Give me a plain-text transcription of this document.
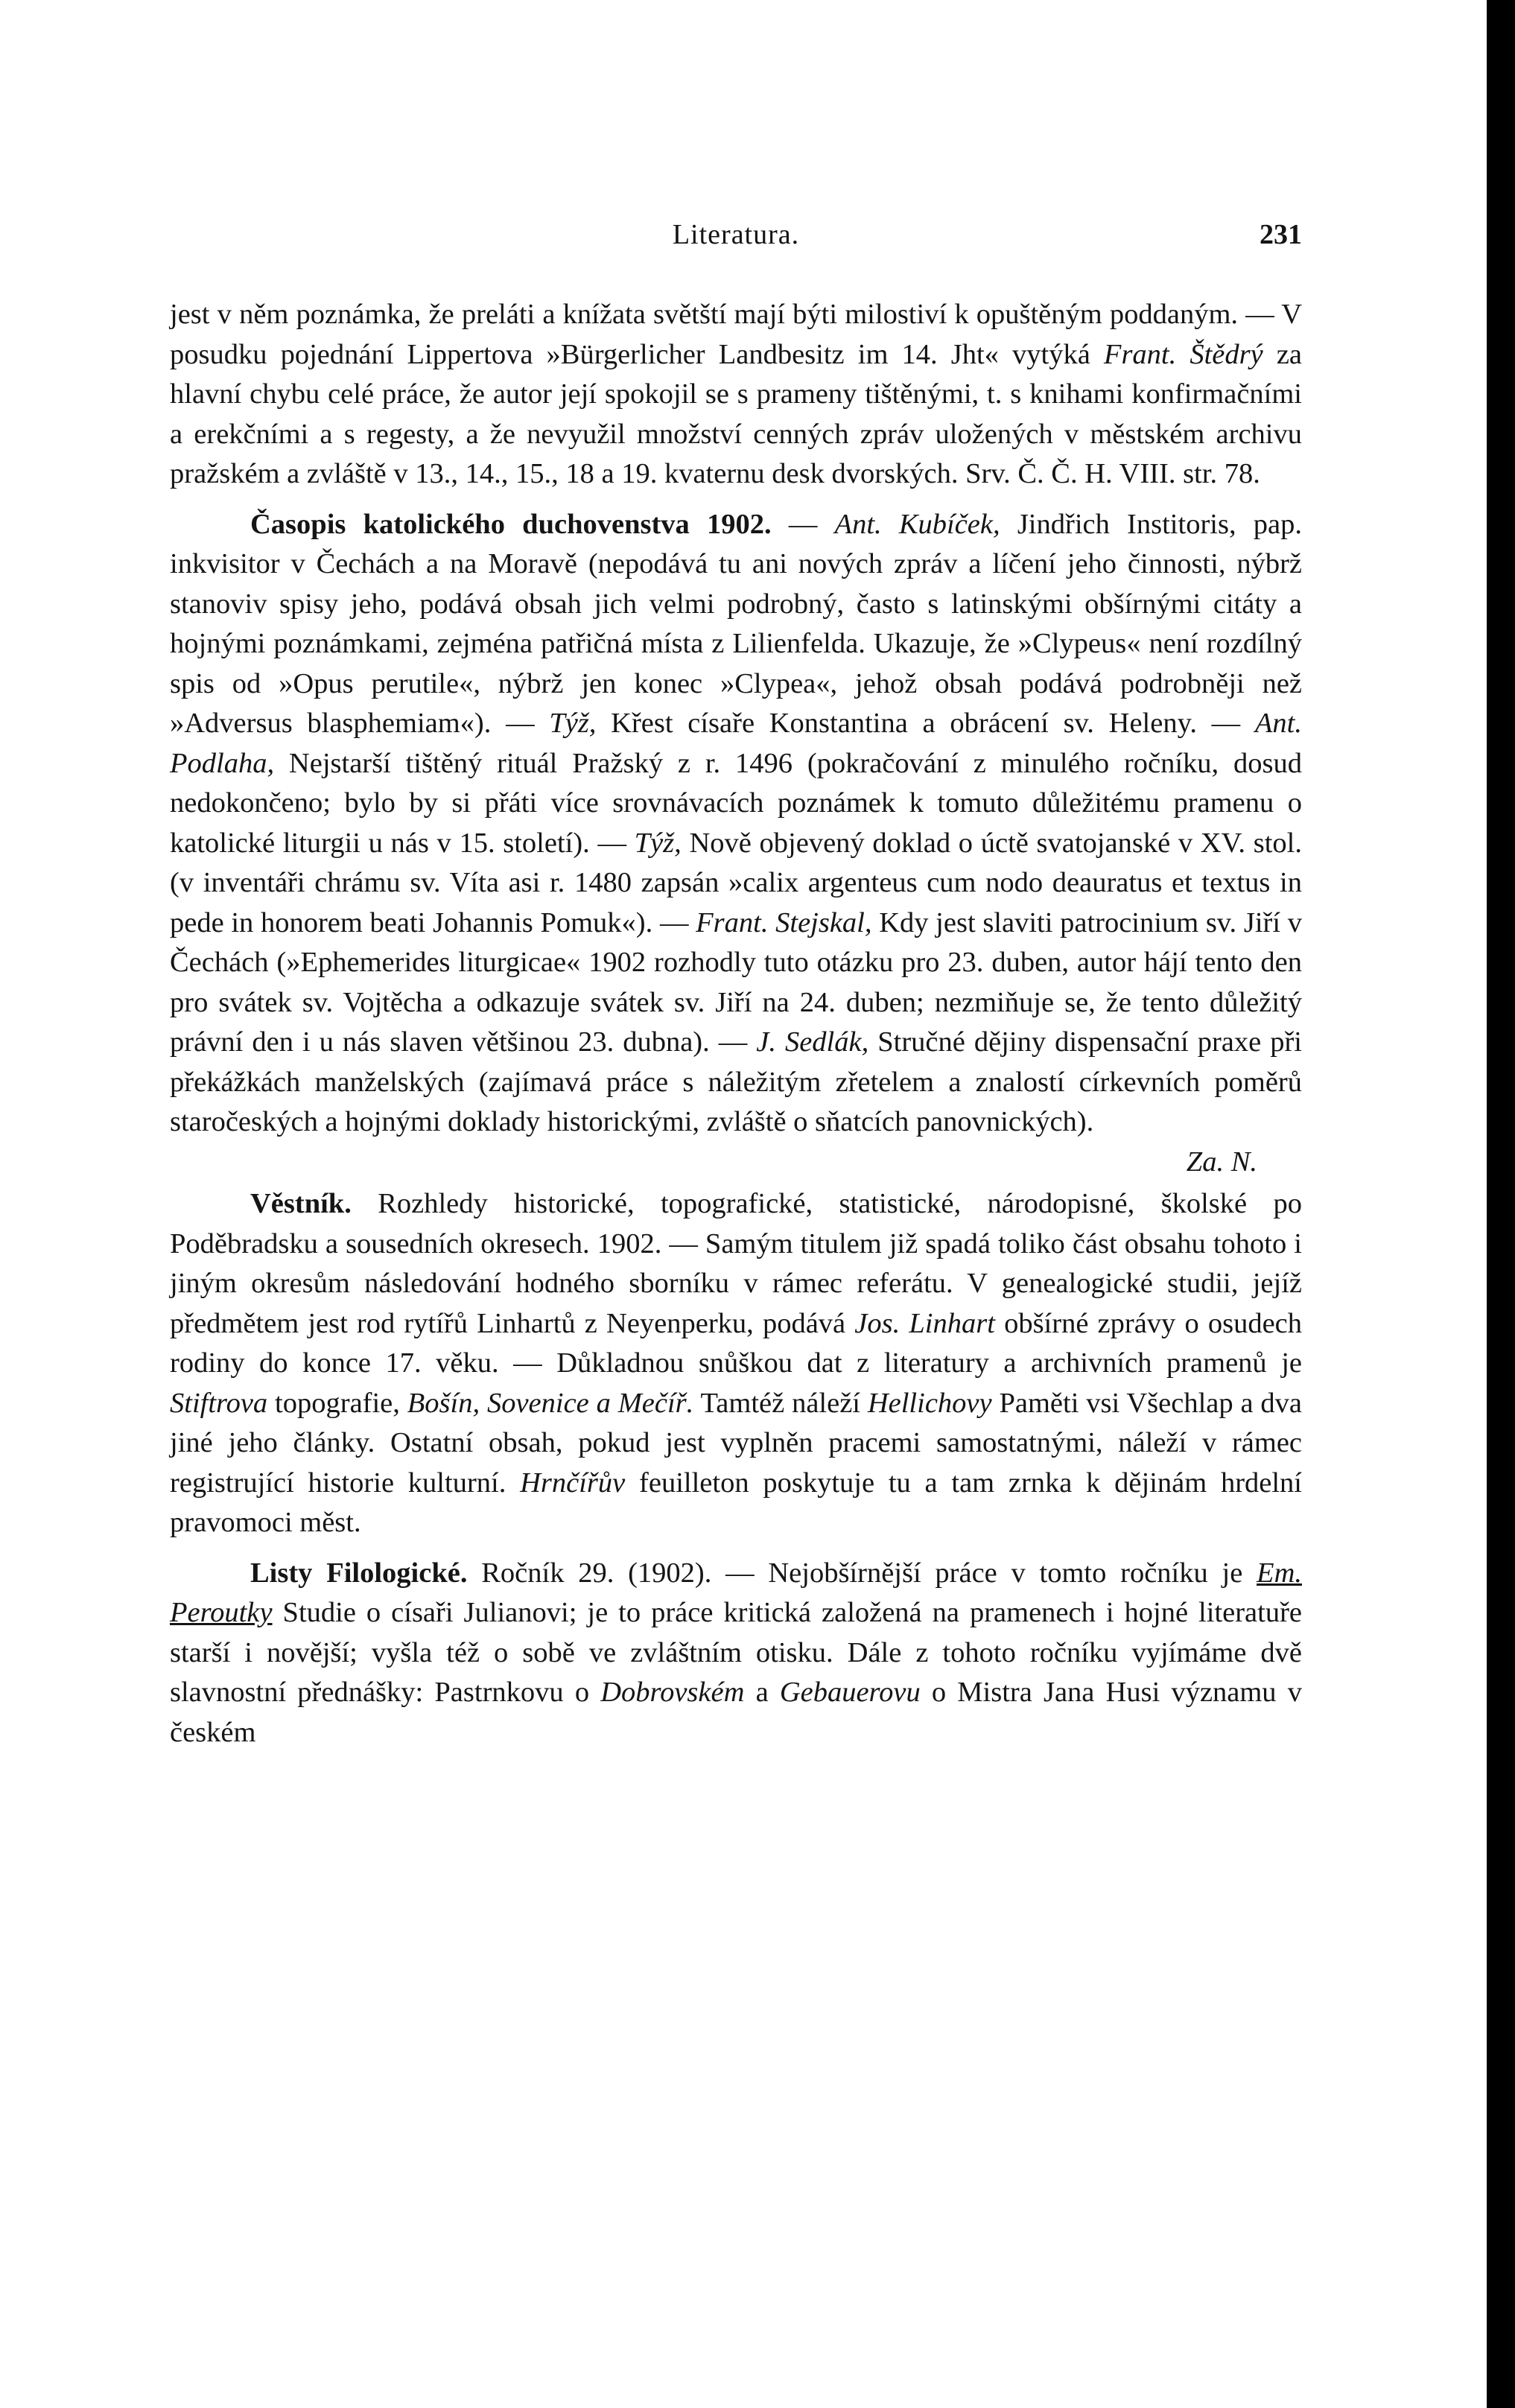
Literatura.	231

jest v něm poznámka, že preláti a knížata světští mají býti milostiví k opuštěným poddaným. — V posudku pojednání Lippertova »Bürgerlicher Landbesitz im 14. Jht« vytýká Frant. Štědrý za hlavní chybu celé práce, že autor její spokojil se s prameny tištěnými, t. s knihami konfirmačními a erekčními a s regesty, a že nevyužil množství cenných zpráv uložených v městském archivu pražském a zvláště v 13., 14., 15., 18 a 19. kvaternu desk dvorských. Srv. Č. Č. H. VIII. str. 78.

Časopis katolického duchovenstva 1902. — Ant. Kubíček, Jindřich Institoris, pap. inkvisitor v Čechách a na Moravě (nepodává tu ani nových zpráv a líčení jeho činnosti, nýbrž stanoviv spisy jeho, podává obsah jich velmi podrobný, často s latinskými obšírnými citáty a hojnými poznámkami, zejména patřičná místa z Lilienfelda. Ukazuje, že »Clypeus« není rozdílný spis od »Opus perutile«, nýbrž jen konec »Clypea«, jehož obsah podává podrobněji než »Adversus blasphemiam«). — Týž, Křest císaře Konstantina a obrácení sv. Heleny. — Ant. Podlaha, Nejstarší tištěný rituál Pražský z r. 1496 (pokračování z minulého ročníku, dosud nedokončeno; bylo by si přáti více srovnávacích poznámek k tomuto důležitému pramenu o katolické liturgii u nás v 15. století). — Týž, Nově objevený doklad o úctě svatojanské v XV. stol. (v inventáři chrámu sv. Víta asi r. 1480 zapsán »calix argenteus cum nodo deauratus et textus in pede in honorem beati Johannis Pomuk«). — Frant. Stejskal, Kdy jest slaviti patrocinium sv. Jiří v Čechách (»Ephemerides liturgicae« 1902 rozhodly tuto otázku pro 23. duben, autor hájí tento den pro svátek sv. Vojtěcha a odkazuje svátek sv. Jiří na 24. duben; nezmiňuje se, že tento důležitý právní den i u nás slaven většinou 23. dubna). — J. Sedlák, Stručné dějiny dispensační praxe při překážkách manželských (zajímavá práce s náležitým zřetelem a znalostí církevních poměrů staročeských a hojnými doklady historickými, zvláště o sňatcích panovnických).

Za. N.

Věstník. Rozhledy historické, topografické, statistické, národopisné, školské po Poděbradsku a sousedních okresech. 1902. — Samým titulem již spadá toliko část obsahu tohoto i jiným okresům následování hodného sborníku v rámec referátu. V genealogické studii, jejíž předmětem jest rod rytířů Linhartů z Neyenperku, podává Jos. Linhart obšírné zprávy o osudech rodiny do konce 17. věku. — Důkladnou snůškou dat z literatury a archivních pramenů je Stiftrova topografie, Bošín, Sovenice a Mečíř. Tamtéž náleží Hellichovy Paměti vsi Všechlap a dva jiné jeho články. Ostatní obsah, pokud jest vyplněn pracemi samostatnými, náleží v rámec registrující historie kulturní. Hrnčířův feuilleton poskytuje tu a tam zrnka k dějinám hrdelní pravomoci měst.

Listy Filologické. Ročník 29. (1902). — Nejobšírnější práce v tomto ročníku je Em. Peroutky Studie o císaři Julianovi; je to práce kritická založená na pramenech i hojné literatuře starší i novější; vyšla též o sobě ve zvláštním otisku. Dále z tohoto ročníku vyjímáme dvě slavnostní přednášky: Pastrnkovu o Dobrovském a Gebauerovu o Mistra Jana Husi významu v českém
